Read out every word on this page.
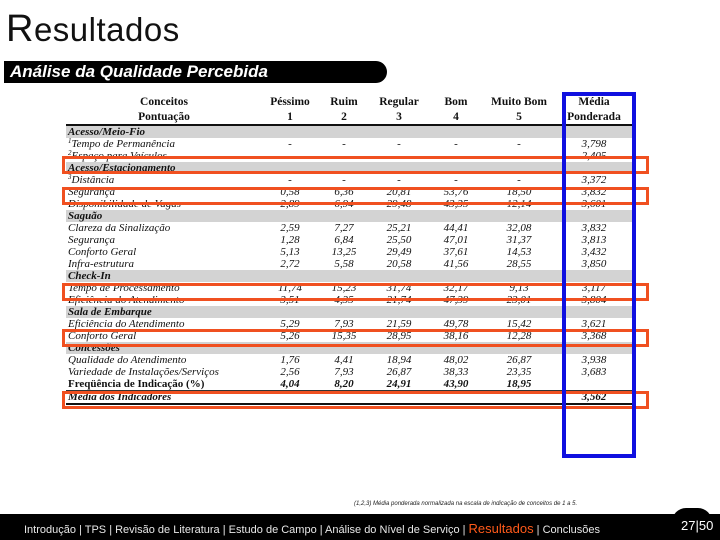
Resultados
Análise da Qualidade Percebida
Conceitos	Péssimo	Ruim	Regular	Bom	Muito Bom	Média
Pontuação	1	2	3	4	5	Ponderada
Acesso/Meio-Fio						
$^1$Tempo de Permanência	-	-	-	-	-	3,798
$^2$Espaço para Veículos	-	-	-	-	-	2,405
Acesso/Estacionamento						
$^3$Distância	-	-	-	-	-	3,372
Segurança	0,58	6,36	20,81	53,76	18,50	3,832
Disponibilidade de Vagas	2,89	6,94	29,48	43,35	12,14	3,601
Saguão						
Clareza da Sinalização	2,59	7,27	25,21	44,41	32,08	3,832
Segurança	1,28	6,84	25,50	47,01	31,37	3,813
Conforto Geral	5,13	13,25	29,49	37,61	14,53	3,432
Infra-estrutura	2,72	5,58	20,58	41,56	28,55	3,850
Check-In						
Tempo de Processamento	11,74	15,23	31,74	32,17	9,13	3,117
Eficiência do Atendimento	3,51	4,35	21,74	47,39	23,01	3,804
Sala de Embarque						
Eficiência do Atendimento	5,29	7,93	21,59	49,78	15,42	3,621
Conforto Geral	5,26	15,35	28,95	38,16	12,28	3,368
Concessões						
Qualidade do Atendimento	1,76	4,41	18,94	48,02	26,87	3,938
Variedade de Instalações/Serviços	2,56	7,93	26,87	38,33	23,35	3,683
Freqüência de Indicação (%)	4,04	8,20	24,91	43,90	18,95	
Média dos Indicadores						3,562
(1,2,3) Média ponderada normalizada na escala de indicação de conceitos de 1 a 5.
Introdução | TPS | Revisão de Literatura | Estudo de Campo | Análise do Nível de Serviço | Resultados | Conclusões	27|50
